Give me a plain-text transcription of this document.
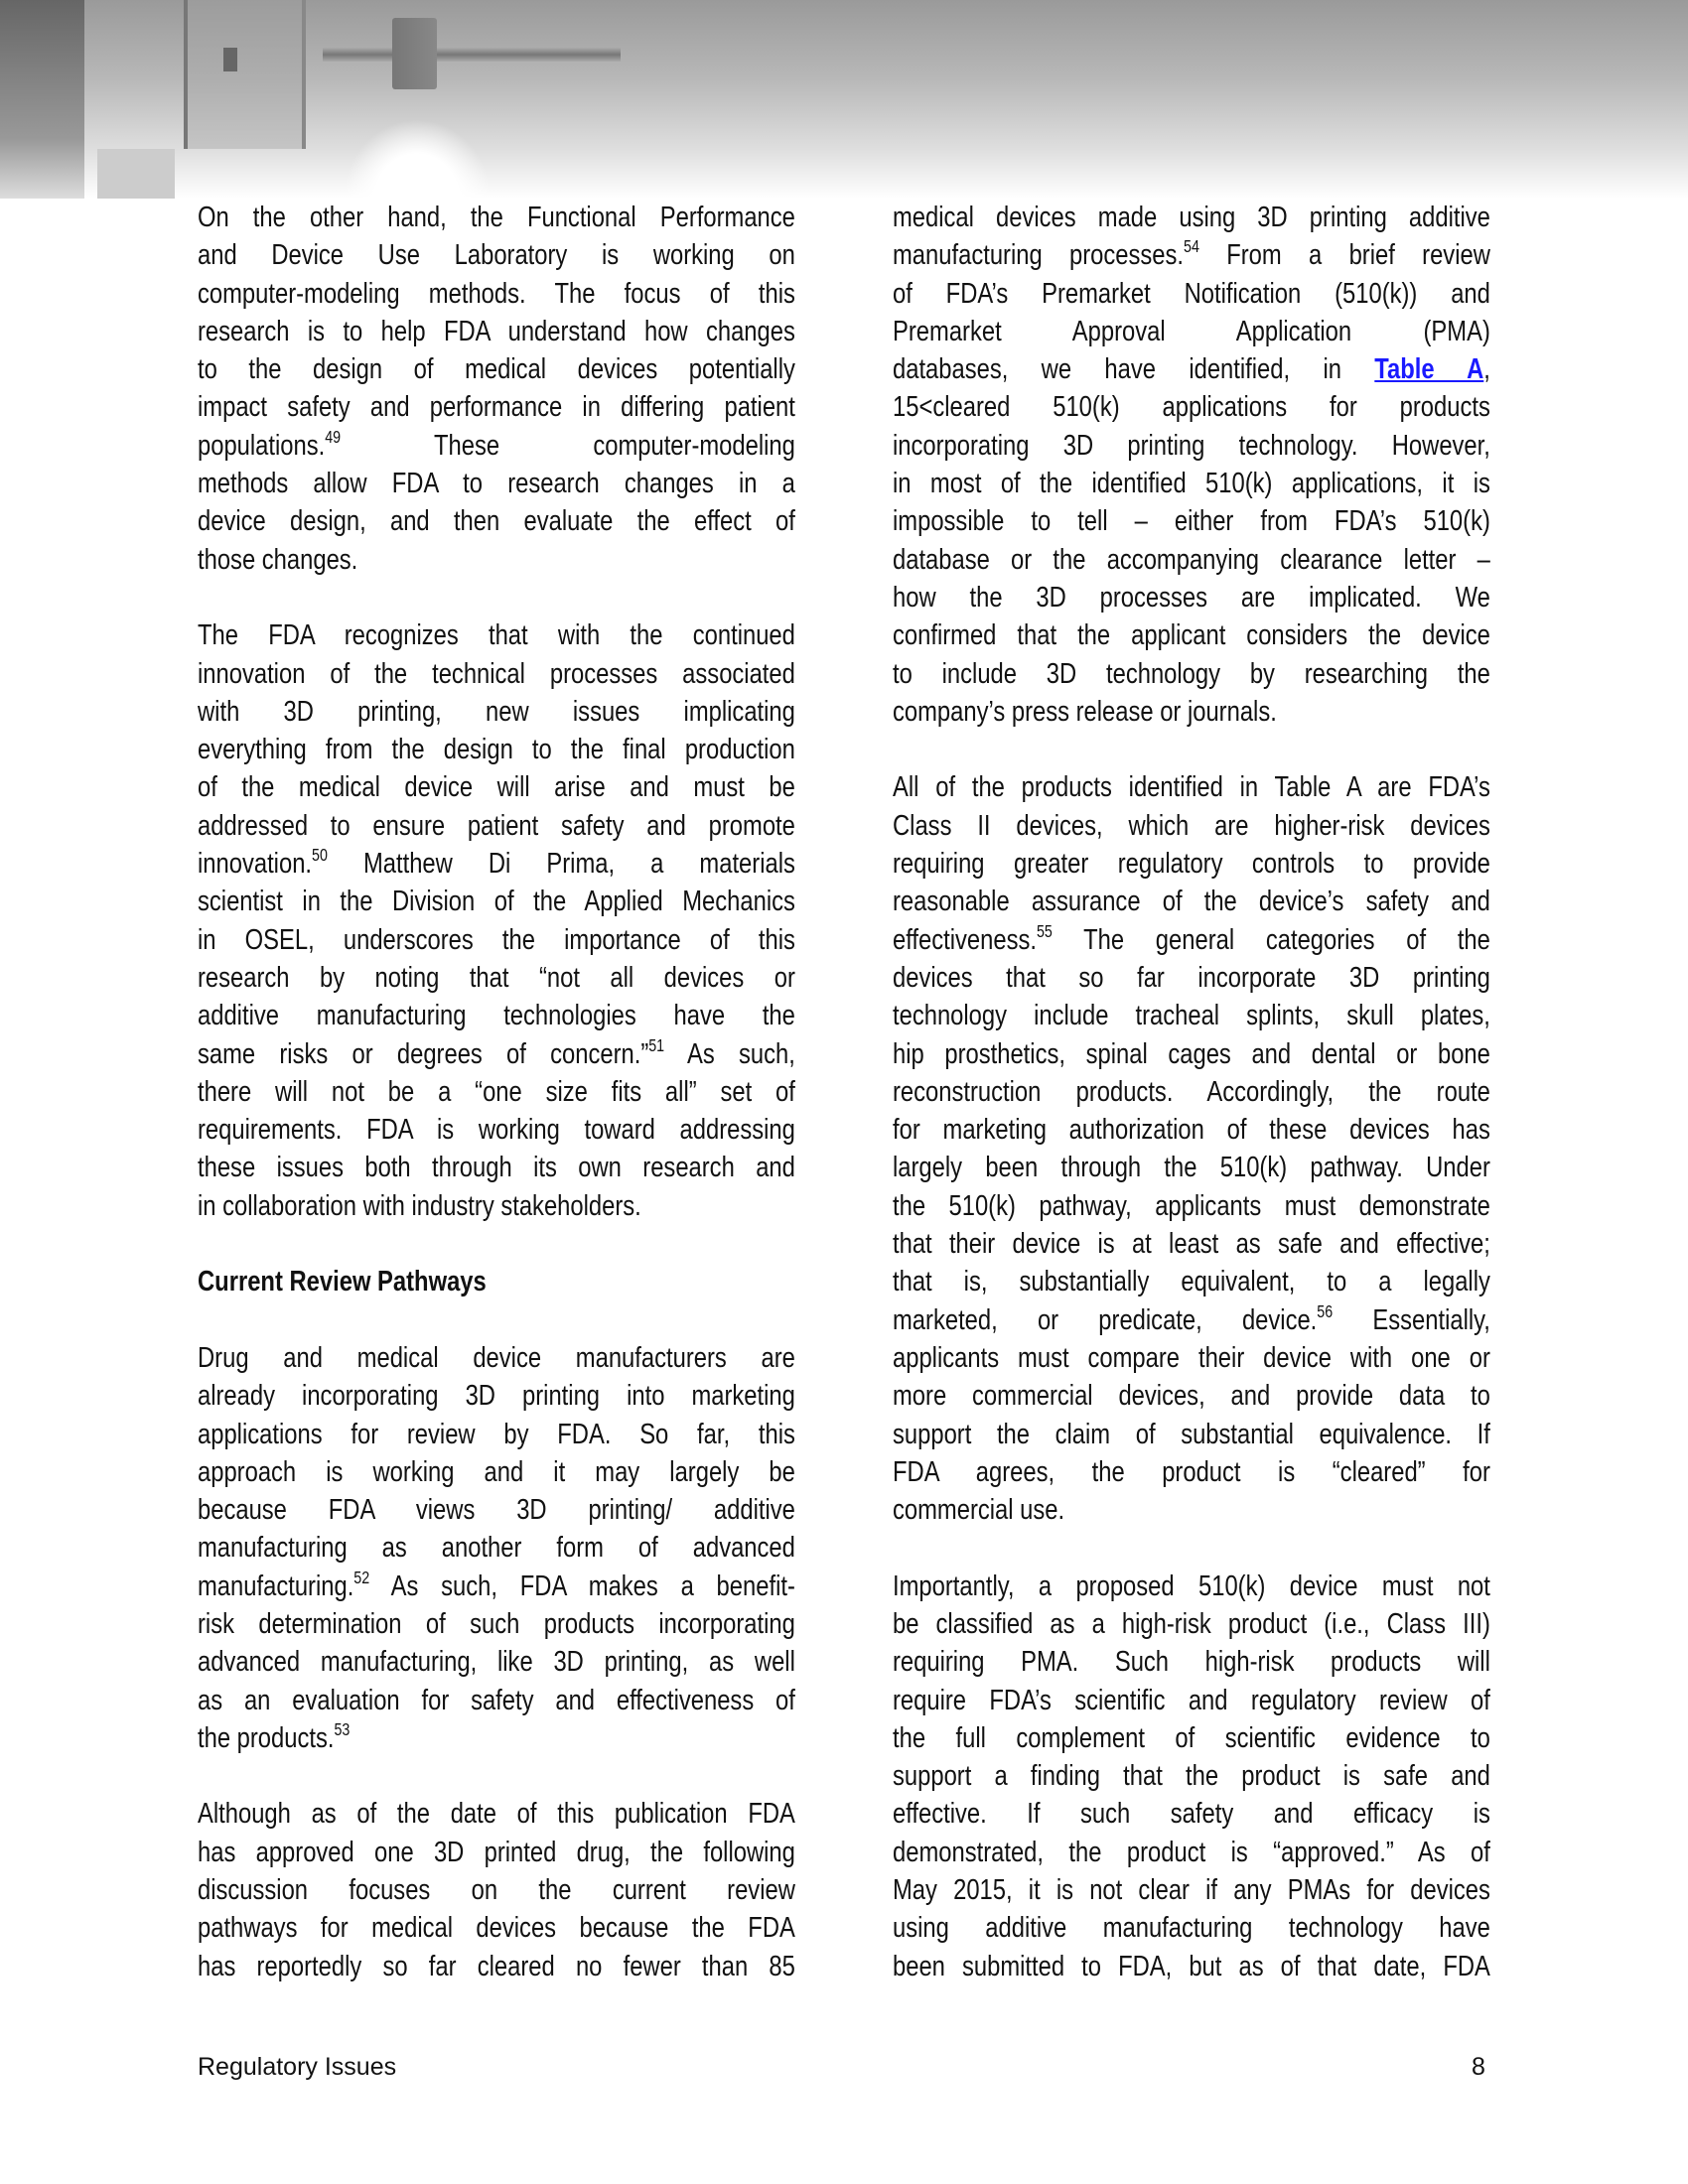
On the other hand, the Functional Performance
and Device Use Laboratory is working on
computer-modeling methods. The focus of this
research is to help FDA understand how changes
to the design of medical devices potentially
impact safety and performance in differing patient
populations.$^{49}$ These computer-modeling
methods allow FDA to research changes in a
device design, and then evaluate the effect of
those changes.
The FDA recognizes that with the continued
innovation of the technical processes associated
with 3D printing, new issues implicating
everything from the design to the final production
of the medical device will arise and must be
addressed to ensure patient safety and promote
innovation.$^{50}$ Matthew Di Prima, a materials
scientist in the Division of the Applied Mechanics
in OSEL, underscores the importance of this
research by noting that “not all devices or
additive manufacturing technologies have the
same risks or degrees of concern.”$^{51}$ As such,
there will not be a “one size fits all” set of
requirements. FDA is working toward addressing
these issues both through its own research and
in collaboration with industry stakeholders.
Current Review Pathways
Drug and medical device manufacturers are
already incorporating 3D printing into marketing
applications for review by FDA. So far, this
approach is working and it may largely be
because FDA views 3D printing/ additive
manufacturing as another form of advanced
manufacturing.$^{52}$ As such, FDA makes a benefit-
risk determination of such products incorporating
advanced manufacturing, like 3D printing, as well
as an evaluation for safety and effectiveness of
the products.$^{53}$
Although as of the date of this publication FDA
has approved one 3D printed drug, the following
discussion focuses on the current review
pathways for medical devices because the FDA
has reportedly so far cleared no fewer than 85
medical devices made using 3D printing additive
manufacturing processes.$^{54}$ From a brief review
of FDA’s Premarket Notification (510(k)) and
Premarket Approval Application (PMA)
databases, we have identified, in Table A,
15<cleared 510(k) applications for products
incorporating 3D printing technology. However,
in most of the identified 510(k) applications, it is
impossible to tell – either from FDA’s 510(k)
database or the accompanying clearance letter –
how the 3D processes are implicated. We
confirmed that the applicant considers the device
to include 3D technology by researching the
company’s press release or journals.
All of the products identified in Table A are FDA’s
Class II devices, which are higher-risk devices
requiring greater regulatory controls to provide
reasonable assurance of the device’s safety and
effectiveness.$^{55}$ The general categories of the
devices that so far incorporate 3D printing
technology include tracheal splints, skull plates,
hip prosthetics, spinal cages and dental or bone
reconstruction products. Accordingly, the route
for marketing authorization of these devices has
largely been through the 510(k) pathway. Under
the 510(k) pathway, applicants must demonstrate
that their device is at least as safe and effective;
that is, substantially equivalent, to a legally
marketed, or predicate, device.$^{56}$ Essentially,
applicants must compare their device with one or
more commercial devices, and provide data to
support the claim of substantial equivalence. If
FDA agrees, the product is “cleared” for
commercial use.
Importantly, a proposed 510(k) device must not
be classified as a high-risk product (i.e., Class III)
requiring PMA. Such high-risk products will
require FDA’s scientific and regulatory review of
the full complement of scientific evidence to
support a finding that the product is safe and
effective. If such safety and efficacy is
demonstrated, the product is “approved.” As of
May 2015, it is not clear if any PMAs for devices
using additive manufacturing technology have
been submitted to FDA, but as of that date, FDA
Regulatory Issues	8
